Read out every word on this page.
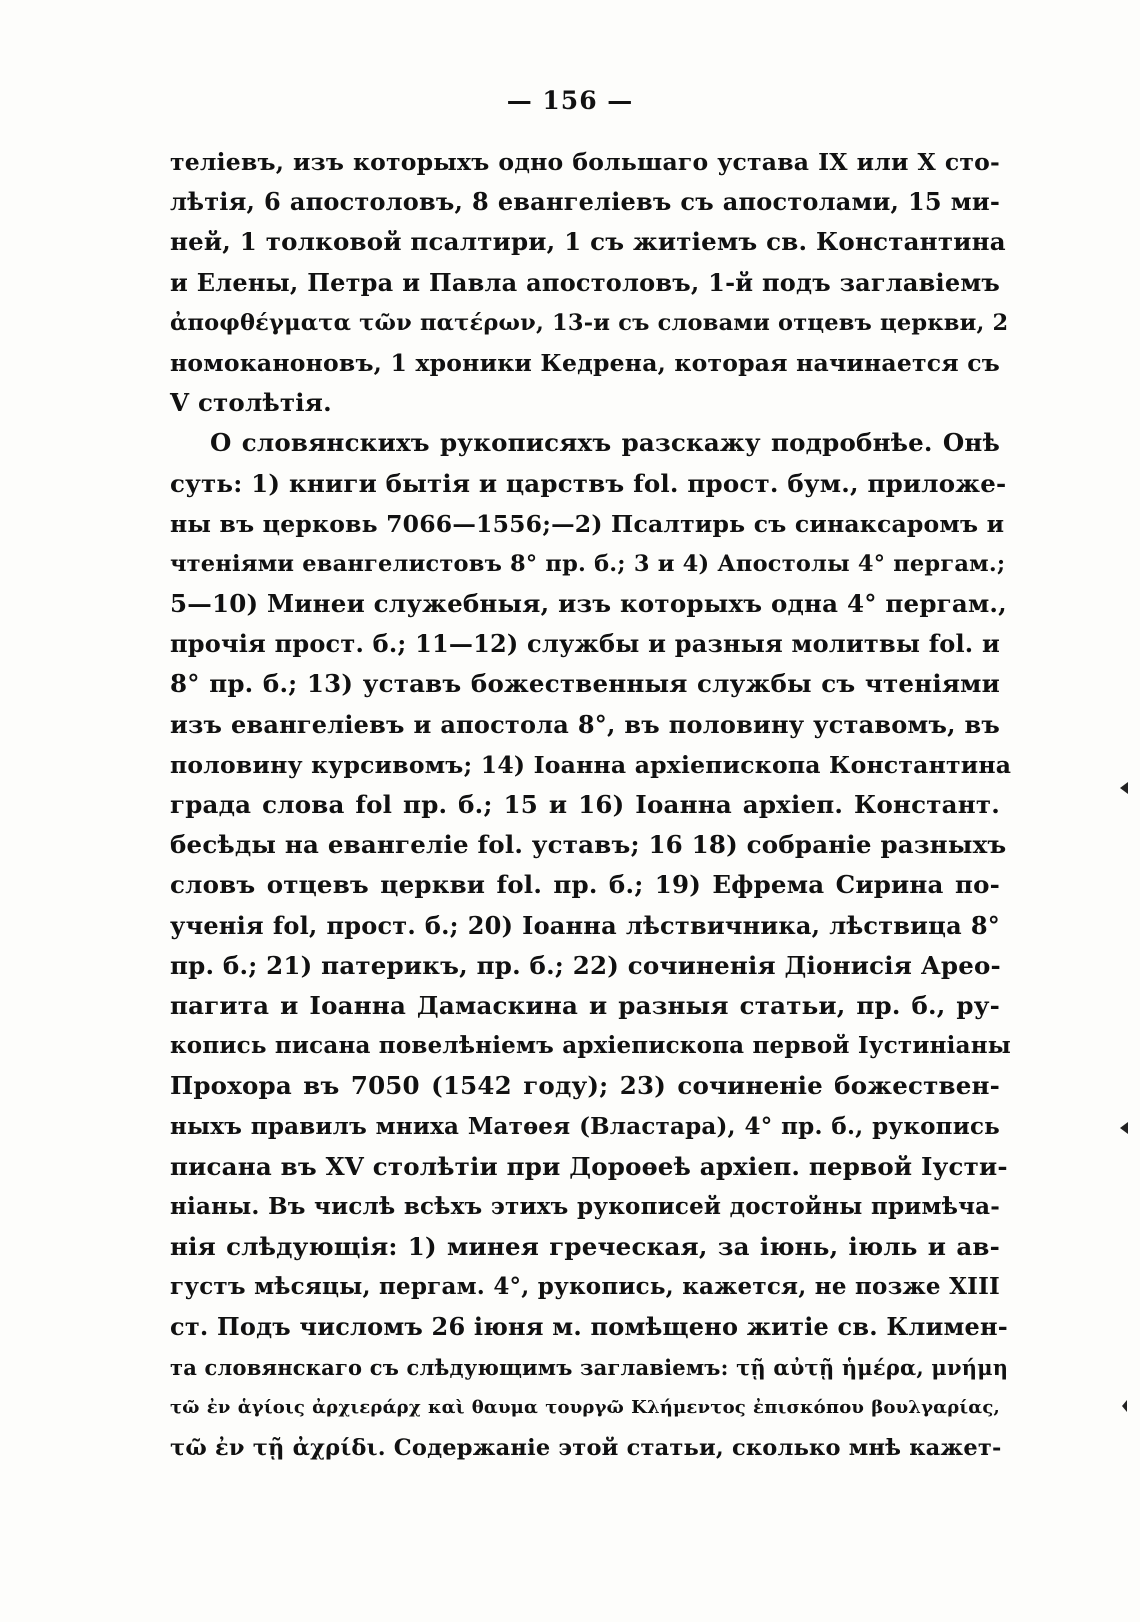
— 156 —
телiевъ, изъ которыхъ одно большаго устава IX или X сто-
лѣтiя, 6 апостоловъ, 8 евангелiевъ съ апостолами, 15 ми-
ней, 1 толковой псалтири, 1 съ житiемъ св. Константина
и Елены, Петра и Павла апостоловъ, 1-й подъ заглавiемъ
ἀποφθέγματα τῶν πατέρων, 13-и съ словами отцевъ церкви, 2
номоканоновъ, 1 хроники Кедрена, которая начинается съ
V столѣтiя.
О словянскихъ рукописяхъ разскажу подробнѣе. Онѣ
суть: 1) книги бытiя и царствъ fol. прост. бум., приложе-
ны въ церковь 7066—1556;—2) Псалтирь съ синаксаромъ и
чтенiями евангелистовъ 8° пр. б.; 3 и 4) Апостолы 4° пергам.;
5—10) Минеи служебныя, изъ которыхъ одна 4° пергам.,
прочiя прост. б.; 11—12) службы и разныя молитвы fol. и
8° пр. б.; 13) уставъ божественныя службы съ чтенiями
изъ евангелiевъ и апостола 8°, въ половину уставомъ, въ
половину курсивомъ; 14) Iоанна архiепископа Константина
града слова fol пр. б.; 15 и 16) Iоанна архiеп. Констант.
бесѣды на евангелiе fol. уставъ; 16 18) собранiе разныхъ
словъ отцевъ церкви fol. пр. б.; 19) Ефрема Сирина по-
ученiя fol, прост. б.; 20) Iоанна лѣствичника, лѣствица 8°
пр. б.; 21) патерикъ, пр. б.; 22) сочиненiя Дiонисiя Арео-
пагита и Iоанна Дамаскина и разныя статьи, пр. б., ру-
копись писана повелѣнiемъ архiепископа первой Iустинiаны
Прохора въ 7050 (1542 году); 23) сочиненiе божествен-
ныхъ правилъ мниха Матѳея (Властара), 4° пр. б., рукопись
писана въ XV столѣтiи при Дороѳеѣ архiеп. первой Iусти-
нiаны. Въ числѣ всѣхъ этихъ рукописей достойны примѣча-
нiя слѣдующiя: 1) минея греческая, за iюнь, iюль и ав-
густъ мѣсяцы, пергам. 4°, рукопись, кажется, не позже XIII
ст. Подъ числомъ 26 iюня м. помѣщено житiе св. Климен-
та словянскаго съ слѣдующимъ заглавiемъ: τῇ αὐτῇ ἡμέρα, μνήμη
τῶ ἐν ἁγίοις ἀρχιεράρχ καὶ θαυμα τουργῶ Κλήμεντος ἐπισκόπου βουλγαρίας,
τῶ ἐν τῇ ἀχρίδι. Содержанiе этой статьи, сколько мнѣ кажет-
